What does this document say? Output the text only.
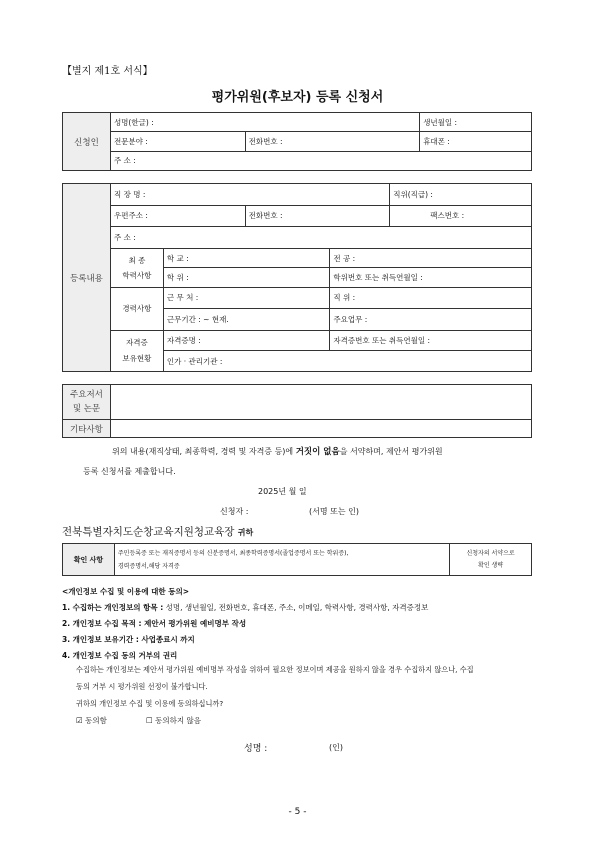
【별지 제1호 서식】
평가위원(후보자) 등록 신청서
신청인	성명(한글) :		생년월일 :
	전문분야 :	전화번호 :	휴대폰 :
	주 소 :		
등록내용	직 장 명 :				직위(직급) :
	우편주소 :		전화번호 :		팩스번호 :
	주 소 :				
	최 종
학력사항	학 교 :		전 공 :	
		학 위 :		학위번호 또는 취득연월일 :	
	경력사항	근 무 처 :		직 위 :	
		근무기간 : ~ 현재.		주요업무 :	
	자격증
보유현황	자격증명 :		자격증번호 또는 취득연월일 :	
		인가 · 관리기관 :			
주요저서
및 논문	
기타사항	
위의 내용(재직상태, 최종학력, 경력 및 자격증 등)에 거짓이 없음을 서약하며, 제안서 평가위원
등록 신청서를 제출합니다.
2025년 월 일
신청자 :	(서명 또는 인)
전북특별자치도순창교육지원청교육장 귀하
확인 사항	주민등록증 또는 재직증명서 등의 신분증명서, 최종학력증명서(졸업증명서 또는 학위증),
경력증명서,해당 자격증	신청자의 서약으로
확인 생략
<개인정보 수집 및 이용에 대한 동의>
1. 수집하는 개인정보의 항목 : 성명, 생년월일, 전화번호, 휴대폰, 주소, 이메일, 학력사항, 경력사항, 자격증정보
2. 개인정보 수집 목적 : 제안서 평가위원 예비명부 작성
3. 개인정보 보유기간 : 사업종료시 까지
4. 개인정보 수집 동의 거부의 권리
수집하는 개인정보는 제안서 평가위원 예비명부 작성을 위하여 필요한 정보이며 제공을 원하지 않을 경우 수집하지 않으나, 수집
동의 거부 시 평가위원 선정이 불가합니다.
귀하의 개인정보 수집 및 이용에 동의하십니까?
☑ 동의함	☐ 동의하지 않음
성명 :	(인)
- 5 -
